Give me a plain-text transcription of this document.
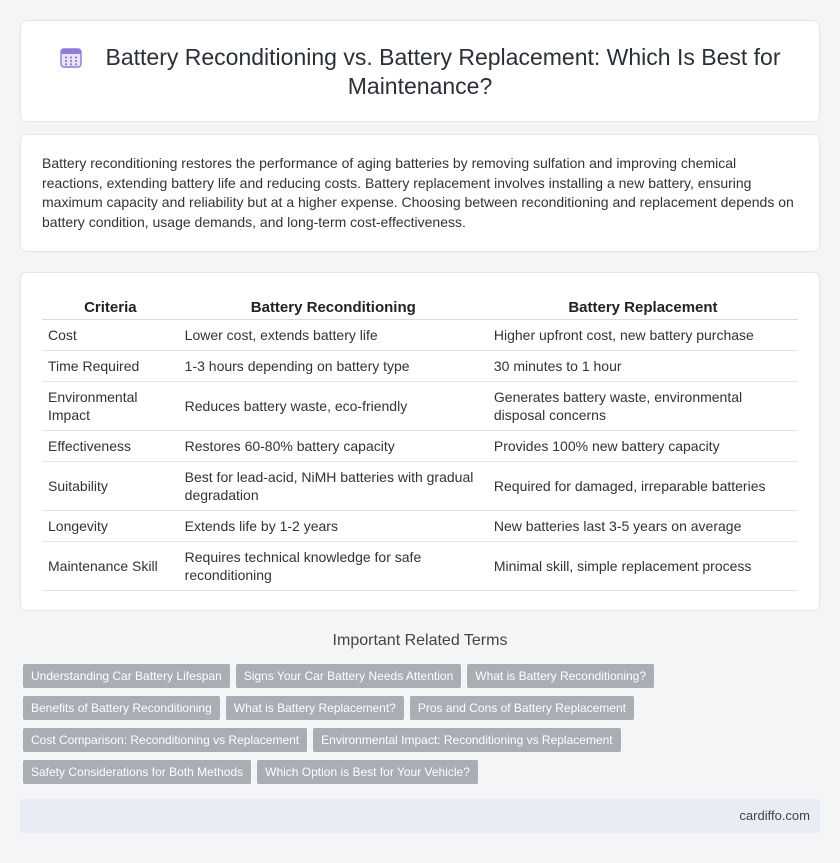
Battery Reconditioning vs. Battery Replacement: Which Is Best for Maintenance?
Battery reconditioning restores the performance of aging batteries by removing sulfation and improving chemical reactions, extending battery life and reducing costs. Battery replacement involves installing a new battery, ensuring maximum capacity and reliability but at a higher expense. Choosing between reconditioning and replacement depends on battery condition, usage demands, and long-term cost-effectiveness.
Criteria	Battery Reconditioning	Battery Replacement
Cost	Lower cost, extends battery life	Higher upfront cost, new battery purchase
Time Required	1-3 hours depending on battery type	30 minutes to 1 hour
Environmental Impact	Reduces battery waste, eco-friendly	Generates battery waste, environmental disposal concerns
Effectiveness	Restores 60-80% battery capacity	Provides 100% new battery capacity
Suitability	Best for lead-acid, NiMH batteries with gradual degradation	Required for damaged, irreparable batteries
Longevity	Extends life by 1-2 years	New batteries last 3-5 years on average
Maintenance Skill	Requires technical knowledge for safe reconditioning	Minimal skill, simple replacement process
Important Related Terms
Understanding Car Battery Lifespan Signs Your Car Battery Needs Attention What is Battery Reconditioning?
Benefits of Battery Reconditioning What is Battery Replacement? Pros and Cons of Battery Replacement
Cost Comparison: Reconditioning vs Replacement Environmental Impact: Reconditioning vs Replacement
Safety Considerations for Both Methods Which Option is Best for Your Vehicle?
cardiffo.com
